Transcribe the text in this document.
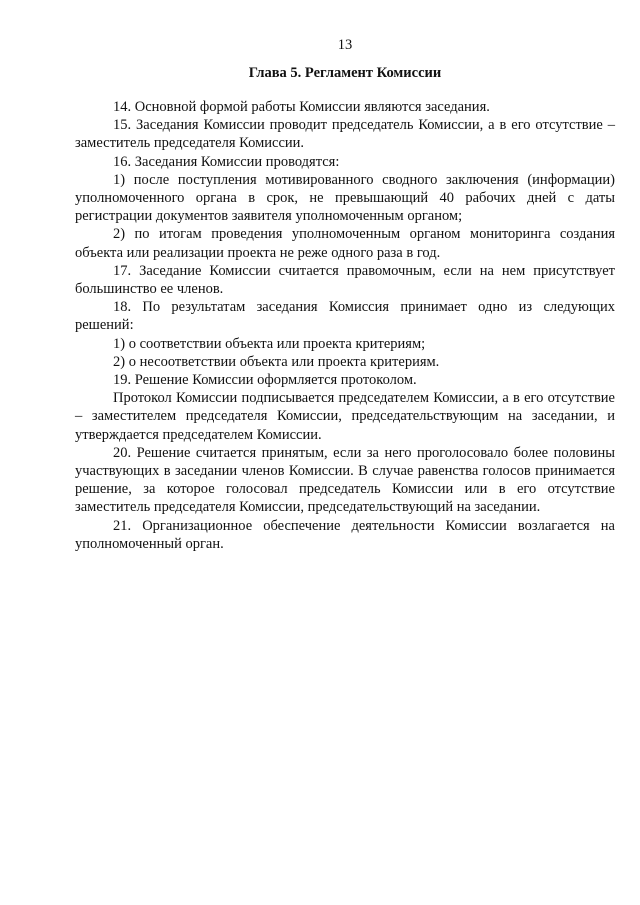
13
Глава 5. Регламент Комиссии

14. Основной формой работы Комиссии являются заседания.

15. Заседания Комиссии проводит председатель Комиссии, а в его отсутствие – заместитель председателя Комиссии.

16. Заседания Комиссии проводятся:

1) после поступления мотивированного сводного заключения (информации) уполномоченного органа в срок, не превышающий 40 рабочих дней с даты регистрации документов заявителя уполномоченным органом;

2) по итогам проведения уполномоченным органом мониторинга создания объекта или реализации проекта не реже одного раза в год.

17. Заседание Комиссии считается правомочным, если на нем присутствует большинство ее членов.

18. По результатам заседания Комиссия принимает одно из следующих решений:

1) о соответствии объекта или проекта критериям;

2) о несоответствии объекта или проекта критериям.

19. Решение Комиссии оформляется протоколом.

Протокол Комиссии подписывается председателем Комиссии, а в его отсутствие – заместителем председателя Комиссии, председательствующим на заседании, и утверждается председателем Комиссии.

20. Решение считается принятым, если за него проголосовало более половины участвующих в заседании членов Комиссии. В случае равенства голосов принимается решение, за которое голосовал председатель Комиссии или в его отсутствие заместитель председателя Комиссии, председательствующий на заседании.

21. Организационное обеспечение деятельности Комиссии возлагается на уполномоченный орган.
